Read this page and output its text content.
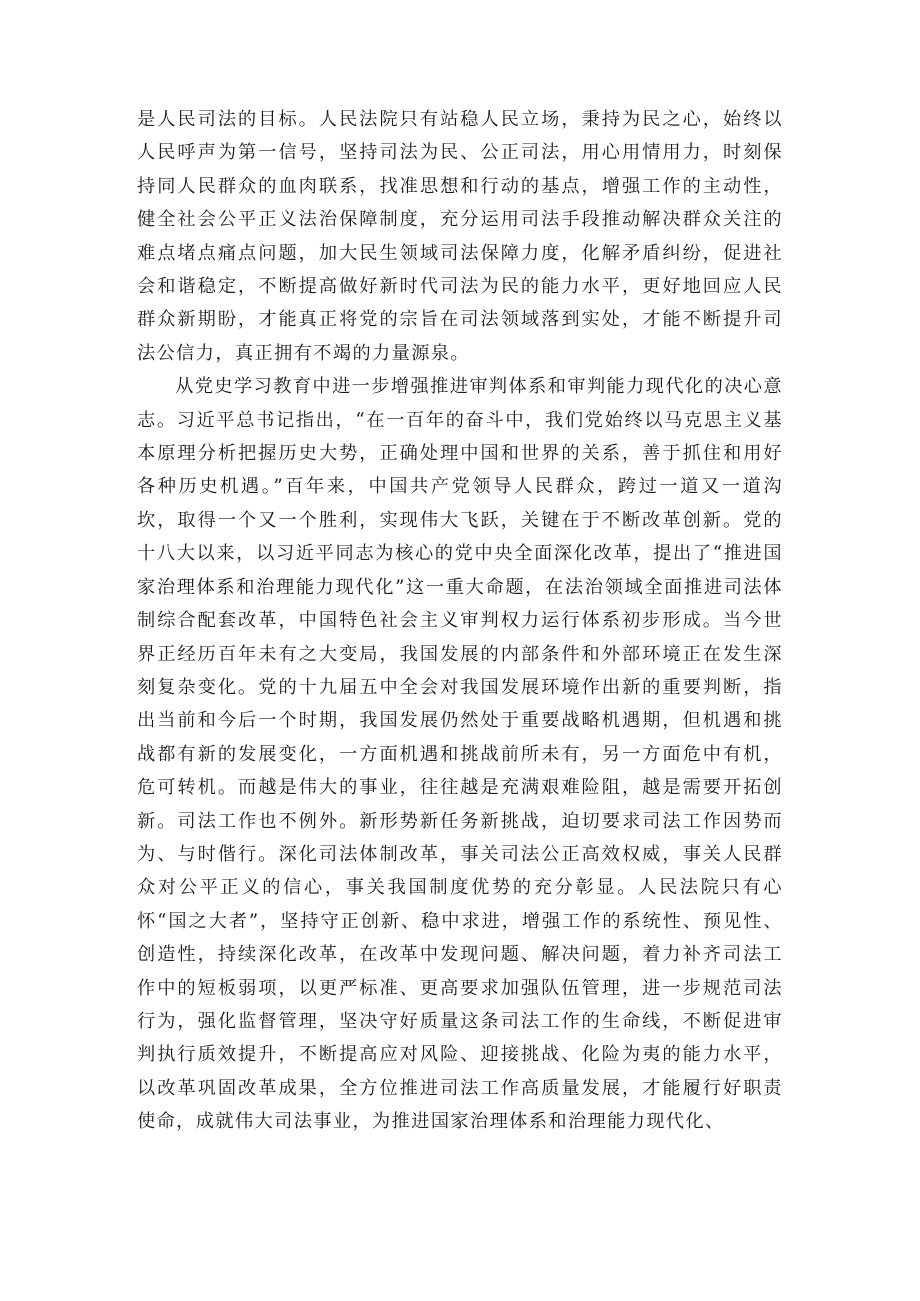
是人民司法的目标。人民法院只有站稳人民立场，秉持为民之心，始终以人民呼声为第一信号，坚持司法为民、公正司法，用心用情用力，时刻保持同人民群众的血肉联系，找准思想和行动的基点，增强工作的主动性，健全社会公平正义法治保障制度，充分运用司法手段推动解决群众关注的难点堵点痛点问题，加大民生领域司法保障力度，化解矛盾纠纷，促进社会和谐稳定，不断提高做好新时代司法为民的能力水平，更好地回应人民群众新期盼，才能真正将党的宗旨在司法领域落到实处，才能不断提升司法公信力，真正拥有不竭的力量源泉。

从党史学习教育中进一步增强推进审判体系和审判能力现代化的决心意志。习近平总书记指出，“在一百年的奋斗中，我们党始终以马克思主义基本原理分析把握历史大势，正确处理中国和世界的关系，善于抓住和用好各种历史机遇。”百年来，中国共产党领导人民群众，跨过一道又一道沟坎，取得一个又一个胜利，实现伟大飞跃，关键在于不断改革创新。党的十八大以来，以习近平同志为核心的党中央全面深化改革，提出了“推进国家治理体系和治理能力现代化”这一重大命题，在法治领域全面推进司法体制综合配套改革，中国特色社会主义审判权力运行体系初步形成。当今世界正经历百年未有之大变局，我国发展的内部条件和外部环境正在发生深刻复杂变化。党的十九届五中全会对我国发展环境作出新的重要判断，指出当前和今后一个时期，我国发展仍然处于重要战略机遇期，但机遇和挑战都有新的发展变化，一方面机遇和挑战前所未有，另一方面危中有机，危可转机。而越是伟大的事业，往往越是充满艰难险阻，越是需要开拓创新。司法工作也不例外。新形势新任务新挑战，迫切要求司法工作因势而为、与时偕行。深化司法体制改革，事关司法公正高效权威，事关人民群众对公平正义的信心，事关我国制度优势的充分彰显。人民法院只有心怀“国之大者”，坚持守正创新、稳中求进，增强工作的系统性、预见性、创造性，持续深化改革，在改革中发现问题、解决问题，着力补齐司法工作中的短板弱项，以更严标准、更高要求加强队伍管理，进一步规范司法行为，强化监督管理，坚决守好质量这条司法工作的生命线，不断促进审判执行质效提升，不断提高应对风险、迎接挑战、化险为夷的能力水平，以改革巩固改革成果，全方位推进司法工作高质量发展，才能履行好职责使命，成就伟大司法事业，为推进国家治理体系和治理能力现代化、
